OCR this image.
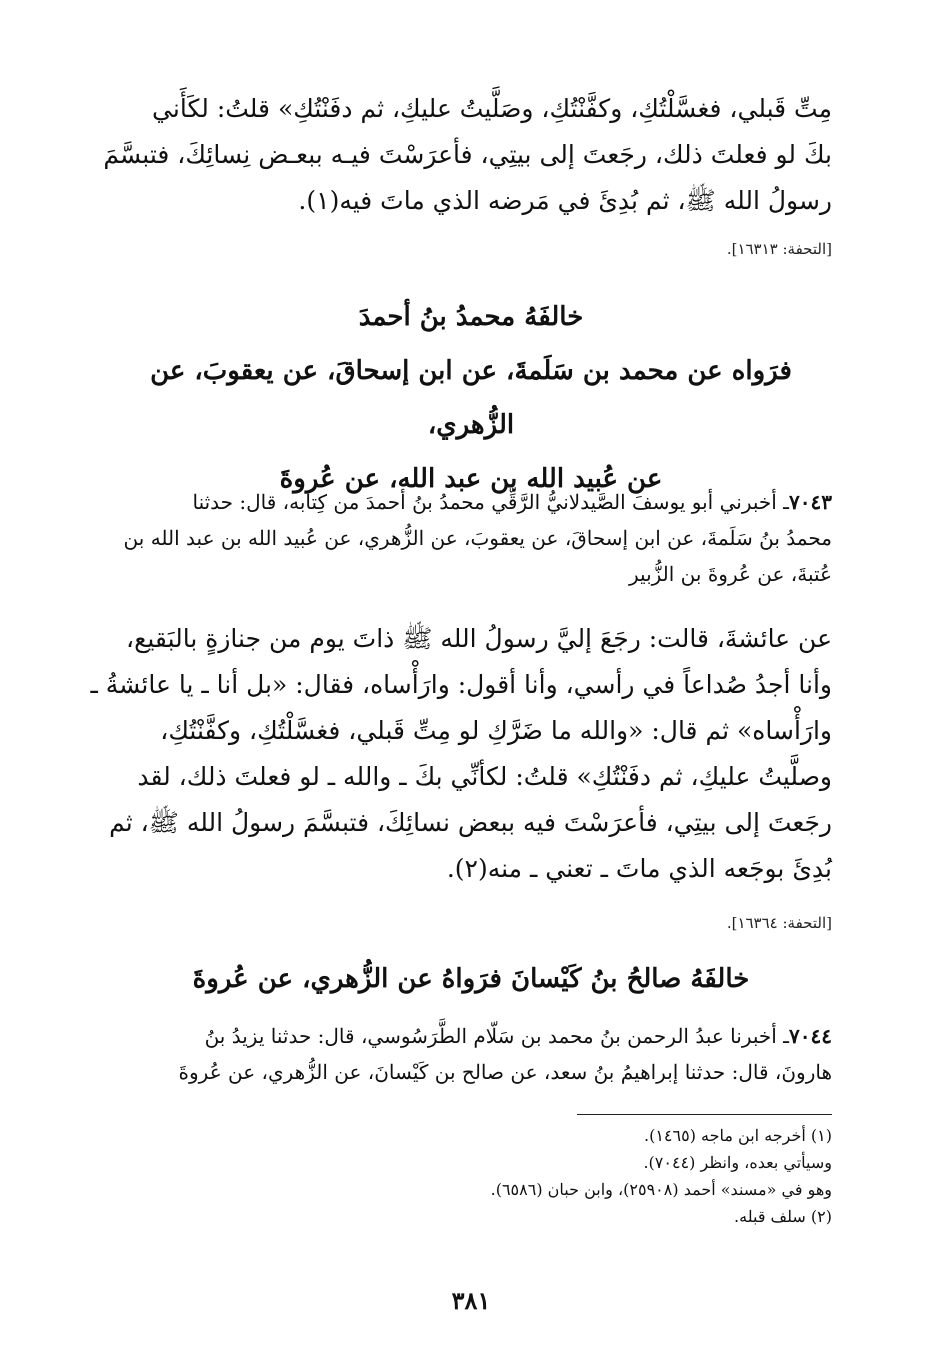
مِتِّ قَبلي، فغسَّلْتُكِ، وكفَّنْتُكِ، وصَلَّيتُ عليكِ، ثم دفَنْتُكِ» قلتُ: لكَأَني
بكَ لو فعلتَ ذلك، رجَعتَ إلى بيتِي، فأعرَسْتَ فيـه ببعـض نِسائِكَ، فتبسَّمَ
رسولُ الله ﷺ، ثم بُدِئَ في مَرضه الذي ماتَ فيه(١).
[التحفة: ١٦٣١٣].
خالفَهُ محمدُ بنُ أحمدَ
فرَواه عن محمد بن سَلَمةَ، عن ابن إسحاقَ، عن يعقوبَ، عن الزُّهري،
عن عُبيد الله بن عبد الله، عن عُروةَ
٧٠٤٣ـ أخبرني أبو يوسفَ الصَّيدلانيُّ الرَّقِّي محمدُ بنُ أحمدَ من كِتابه، قال: حدثنا
محمدُ بنُ سَلَمةَ، عن ابن إسحاقَ، عن يعقوبَ، عن الزُّهري، عن عُبيد الله بن عبد الله بن
عُتبةَ، عن عُروةَ بن الزُّبير
عن عائشةَ، قالت: رجَعَ إليَّ رسولُ الله ﷺ ذاتَ يوم من جنازةٍ بالبَقيع،
وأنا أجدُ صُداعاً في رأسي، وأنا أقول: وارَأْساه، فقال: «بل أنا ـ يا عائشةُ ـ
وارَأْساه» ثم قال: «والله ما ضَرَّكِ لو مِتِّ قَبلي، فغسَّلْتُكِ، وكفَّنْتُكِ،
وصلَّيتُ عليكِ، ثم دفَنْتُكِ» قلتُ: لكأنِّي بكَ ـ والله ـ لو فعلتَ ذلك، لقد
رجَعتَ إلى بيتِي، فأعرَسْتَ فيه ببعض نسائِكَ، فتبسَّمَ رسولُ الله ﷺ، ثم
بُدِئَ بوجَعه الذي ماتَ ـ تعني ـ منه(٢).
[التحفة: ١٦٣٦٤].
خالفَهُ صالحُ بنُ كَيْسانَ فرَواهُ عن الزُّهري، عن عُروةَ
٧٠٤٤ـ أخبرنا عبدُ الرحمن بنُ محمد بن سَلّام الطَّرَسُوسي، قال: حدثنا يزيدُ بنُ
هارونَ، قال: حدثنا إبراهيمُ بنُ سعد، عن صالح بن كَيْسانَ، عن الزُّهري، عن عُروةَ
(١) أخرجه ابن ماجه (١٤٦٥).
وسيأتي بعده، وانظر (٧٠٤٤).
وهو في «مسند» أحمد (٢٥٩٠٨)، وابن حبان (٦٥٨٦).
(٢) سلف قبله.
٣٨١
